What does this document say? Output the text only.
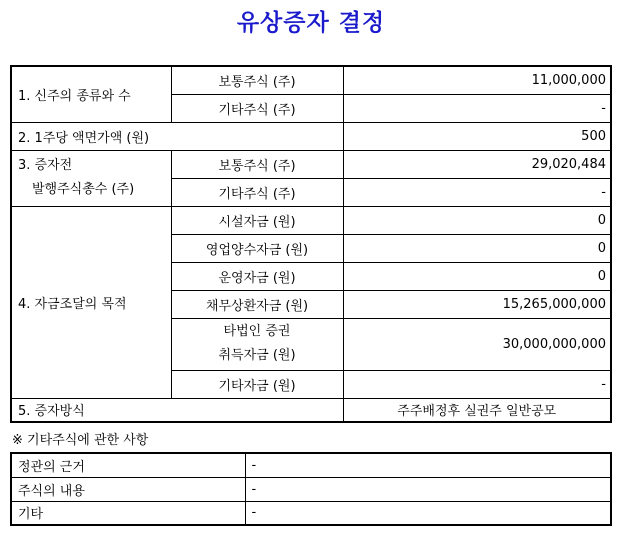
유상증자 결정
1. 신주의 종류와 수	보통주식 (주)	11,000,000
	기타주식 (주)	-
2. 1주당 액면가액 (원)		500

3. 증자전
발행주식총수 (주)	보통주식 (주)	29,020,484
	기타주식 (주)	-
4. 자금조달의 목적	시설자금 (원)	0
	영업양수자금 (원)	0
	운영자금 (원)	0
	채무상환자금 (원)	15,265,000,000

	타법인 증권
취득자금 (원)	30,000,000,000
	기타자금 (원)	-
5. 증자방식		주주배정후 실권주 일반공모
※ 기타주식에 관한 사항
정관의 근거	-
주식의 내용	-
기타	-
